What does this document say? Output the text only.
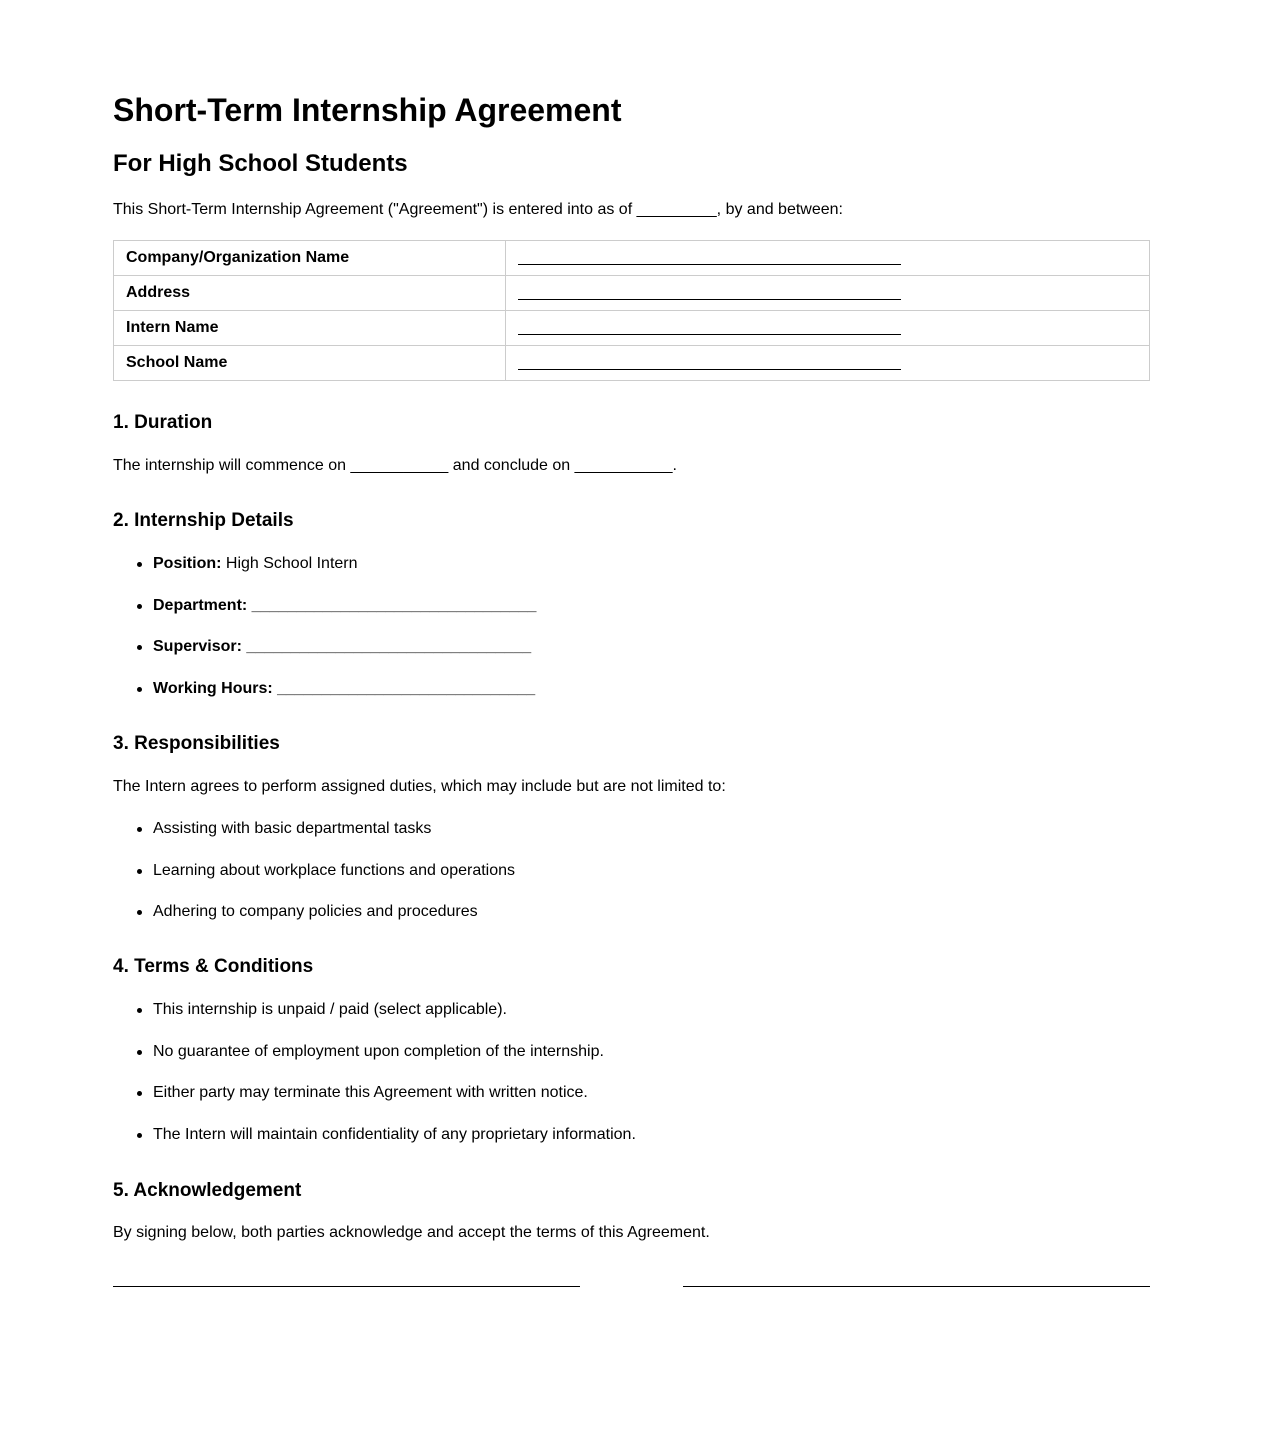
Short-Term Internship Agreement
For High School Students

This Short-Term Internship Agreement ("Agreement") is entered into as of _________, by and between:

Company/Organization Name	
Address	
Intern Name	
School Name	
1. Duration

The internship will commence on ___________ and conclude on ___________.

2. Internship Details
Position: High School Intern
Department: ________________________________
Supervisor: ________________________________
Working Hours: _____________________________
3. Responsibilities

The Intern agrees to perform assigned duties, which may include but are not limited to:

Assisting with basic departmental tasks
Learning about workplace functions and operations
Adhering to company policies and procedures
4. Terms & Conditions
This internship is unpaid / paid (select applicable).
No guarantee of employment upon completion of the internship.
Either party may terminate this Agreement with written notice.
The Intern will maintain confidentiality of any proprietary information.
5. Acknowledgement

By signing below, both parties acknowledge and accept the terms of this Agreement.
